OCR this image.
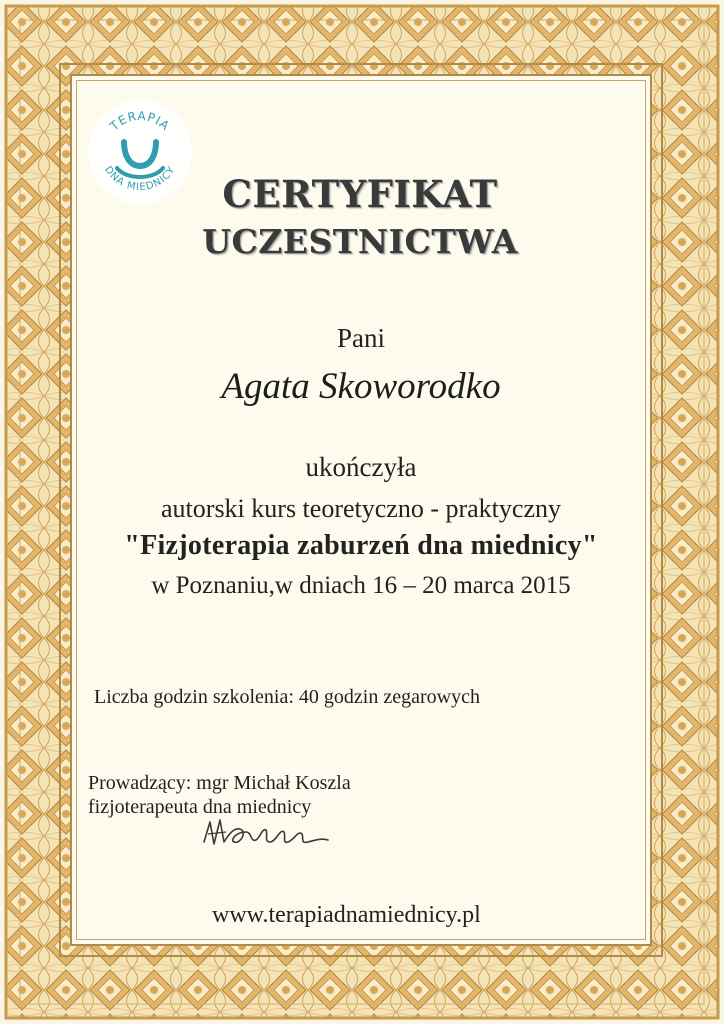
TERAPIA
DNA MIEDNICY
CERTYFIKAT
UCZESTNICTWA
Pani
Agata Skoworodko
ukończyła
autorski kurs teoretyczno - praktyczny
"Fizjoterapia zaburzeń dna miednicy"
w Poznaniu,w dniach 16 – 20 marca 2015
Liczba godzin szkolenia: 40 godzin zegarowych
Prowadzący: mgr Michał Koszla
fizjoterapeuta dna miednicy
www.terapiadnamiednicy.pl
